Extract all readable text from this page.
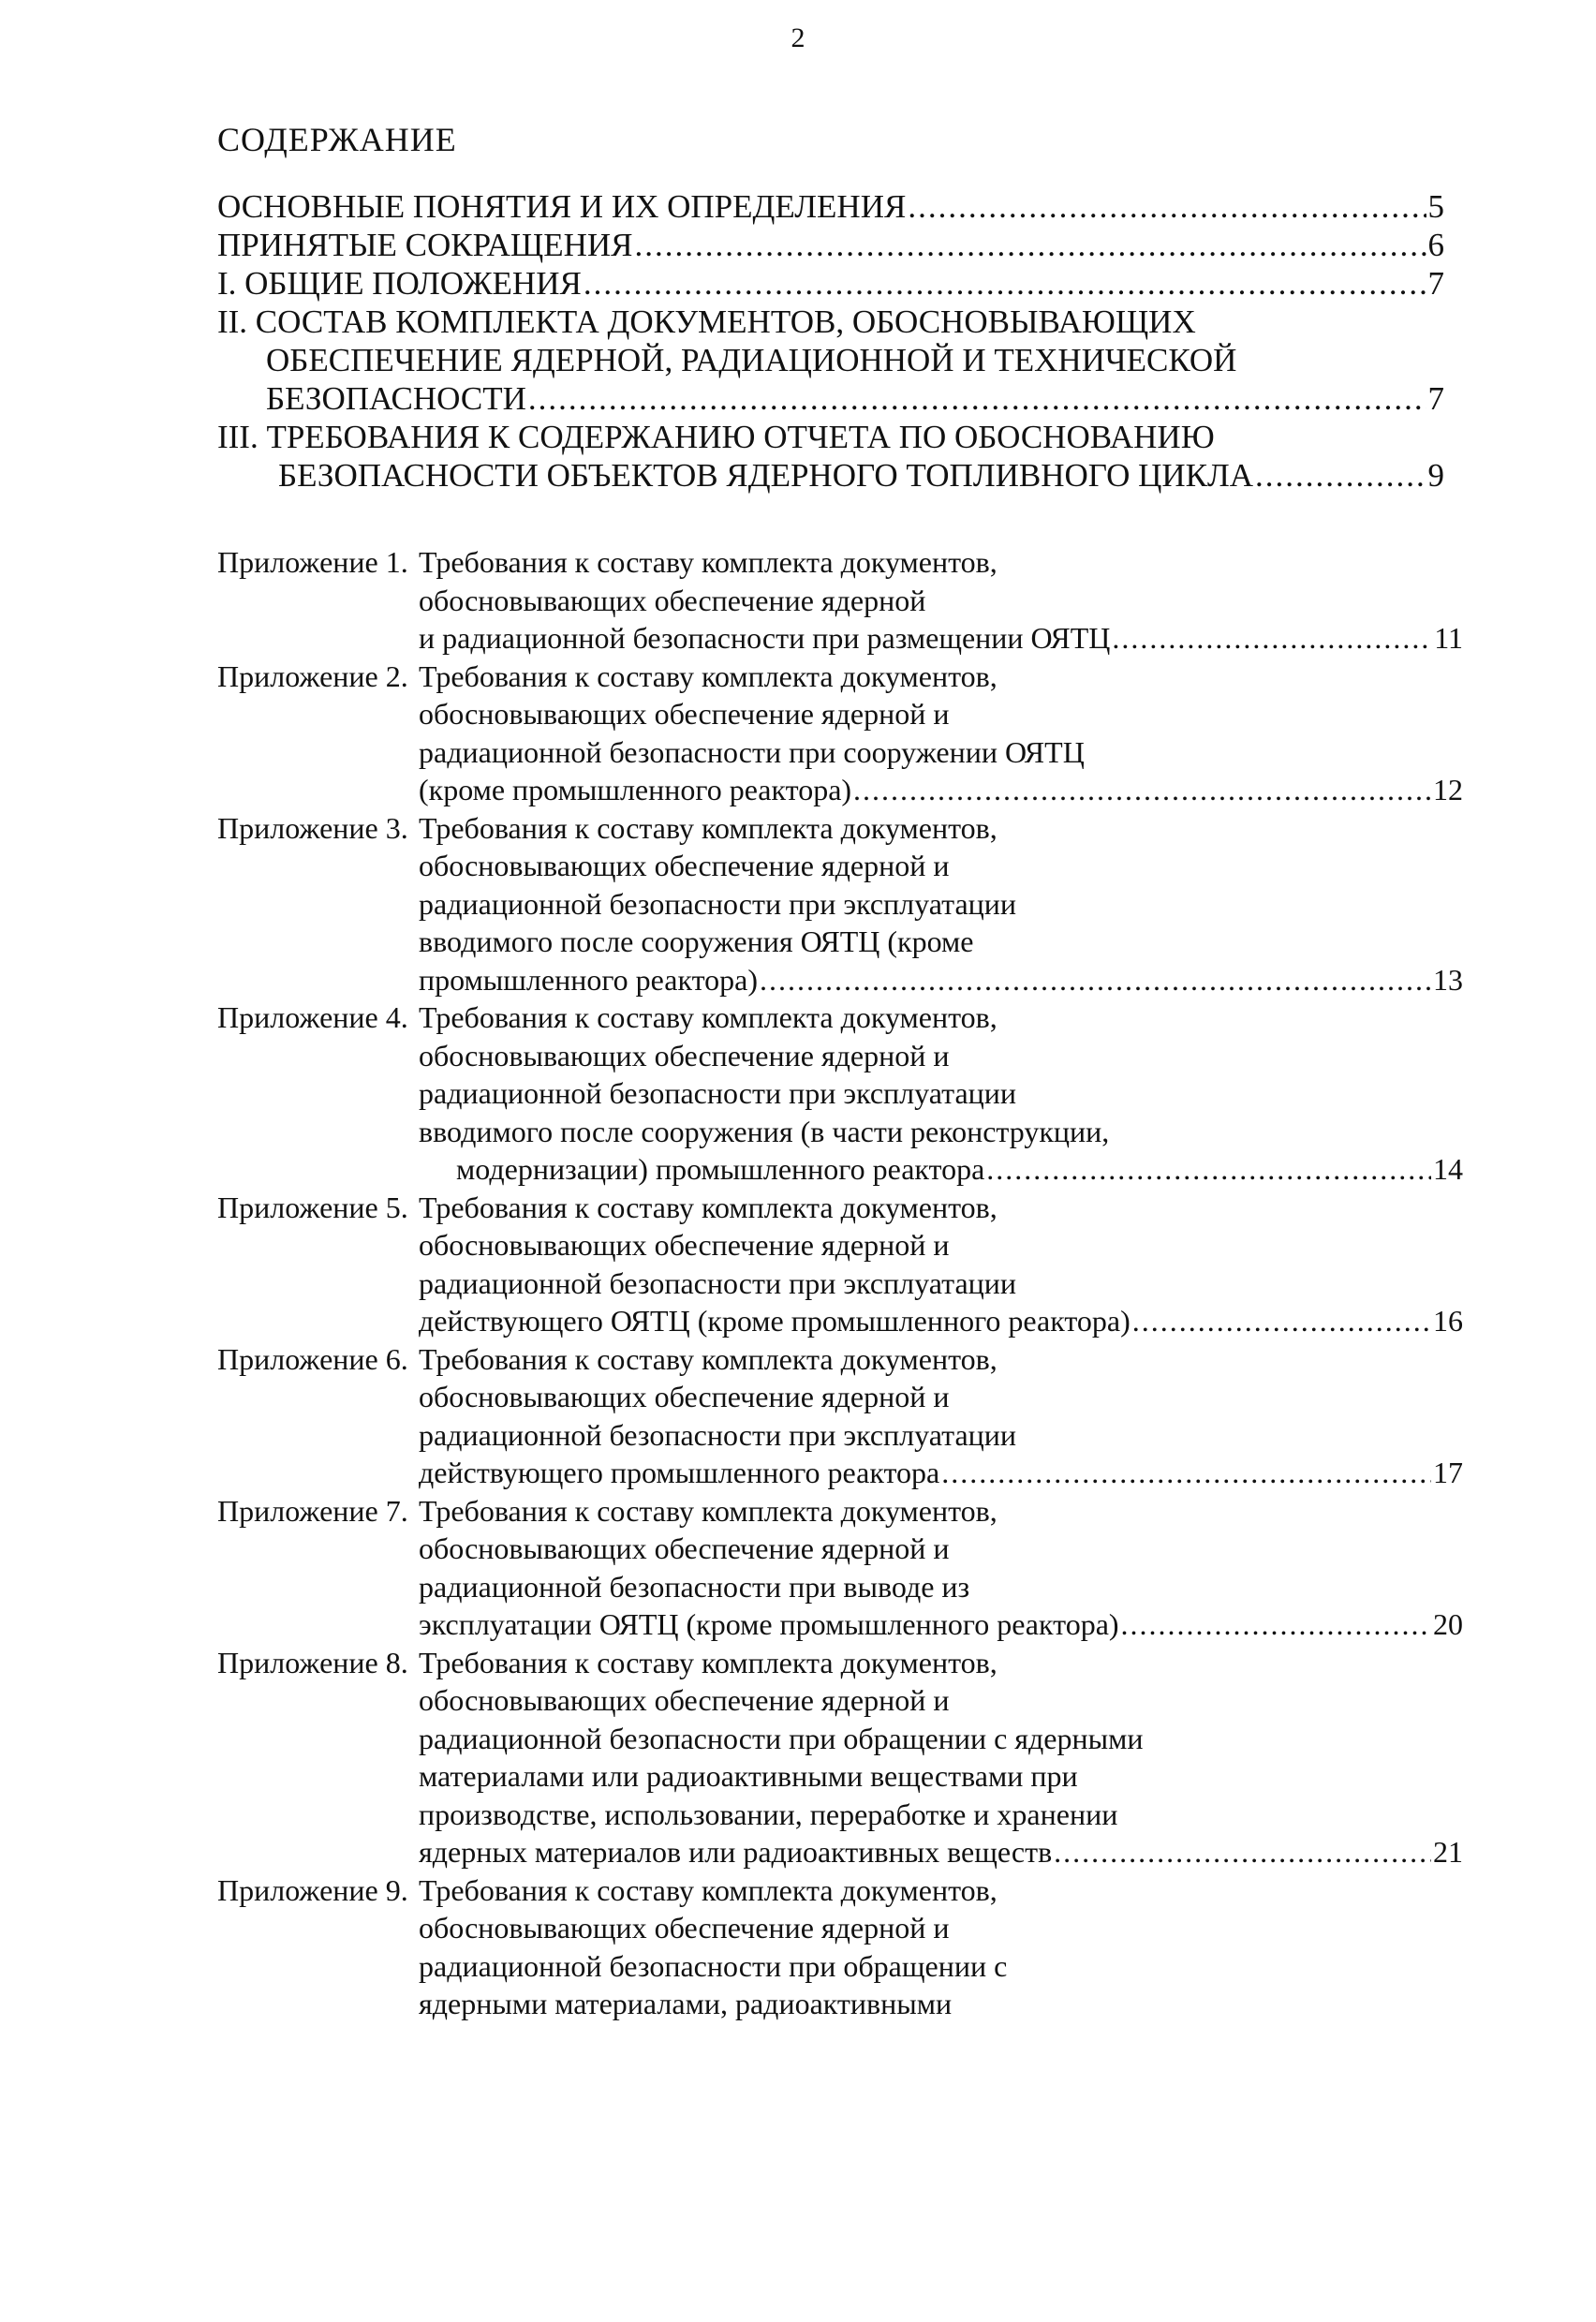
2
СОДЕРЖАНИЕ
ОСНОВНЫЕ ПОНЯТИЯ И ИХ ОПРЕДЕЛЕНИЯ .....	5
ПРИНЯТЫЕ СОКРАЩЕНИЯ .....	6
I. ОБЩИЕ ПОЛОЖЕНИЯ .....	7
II. СОСТАВ КОМПЛЕКТА ДОКУМЕНТОВ, ОБОСНОВЫВАЮЩИХ
ОБЕСПЕЧЕНИЕ ЯДЕРНОЙ, РАДИАЦИОННОЙ И ТЕХНИЧЕСКОЙ
БЕЗОПАСНОСТИ .....	7
III. ТРЕБОВАНИЯ К СОДЕРЖАНИЮ ОТЧЕТА ПО ОБОСНОВАНИЮ
БЕЗОПАСНОСТИ ОБЪЕКТОВ ЯДЕРНОГО ТОПЛИВНОГО ЦИКЛА .....	9
Приложение 1. Требования к составу комплекта документов,
обосновывающих обеспечение ядерной
и радиационной безопасности при размещении ОЯТЦ .....	11
Приложение 2. Требования к составу комплекта документов,
обосновывающих обеспечение ядерной и
радиационной безопасности при сооружении ОЯТЦ
(кроме промышленного реактора) .....	12
Приложение 3. Требования к составу комплекта документов,
обосновывающих обеспечение ядерной и
радиационной безопасности при эксплуатации
вводимого после сооружения ОЯТЦ (кроме
промышленного реактора) .....	13
Приложение 4. Требования к составу комплекта документов,
обосновывающих обеспечение ядерной и
радиационной безопасности при эксплуатации
вводимого после сооружения (в части реконструкции,
модернизации) промышленного реактора .....	14
Приложение 5. Требования к составу комплекта документов,
обосновывающих обеспечение ядерной и
радиационной безопасности при эксплуатации
действующего ОЯТЦ (кроме промышленного реактора) .....	16
Приложение 6. Требования к составу комплекта документов,
обосновывающих обеспечение ядерной и
радиационной безопасности при эксплуатации
действующего промышленного реактора .....	17
Приложение 7. Требования к составу комплекта документов,
обосновывающих обеспечение ядерной и
радиационной безопасности при выводе из
эксплуатации ОЯТЦ (кроме промышленного реактора) .....	20
Приложение 8. Требования к составу комплекта документов,
обосновывающих обеспечение ядерной и
радиационной безопасности при обращении с ядерными
материалами или радиоактивными веществами при
производстве, использовании, переработке и хранении
ядерных материалов или радиоактивных веществ .....	21
Приложение 9. Требования к составу комплекта документов,
обосновывающих обеспечение ядерной и
радиационной безопасности при обращении с
ядерными материалами, радиоактивными
